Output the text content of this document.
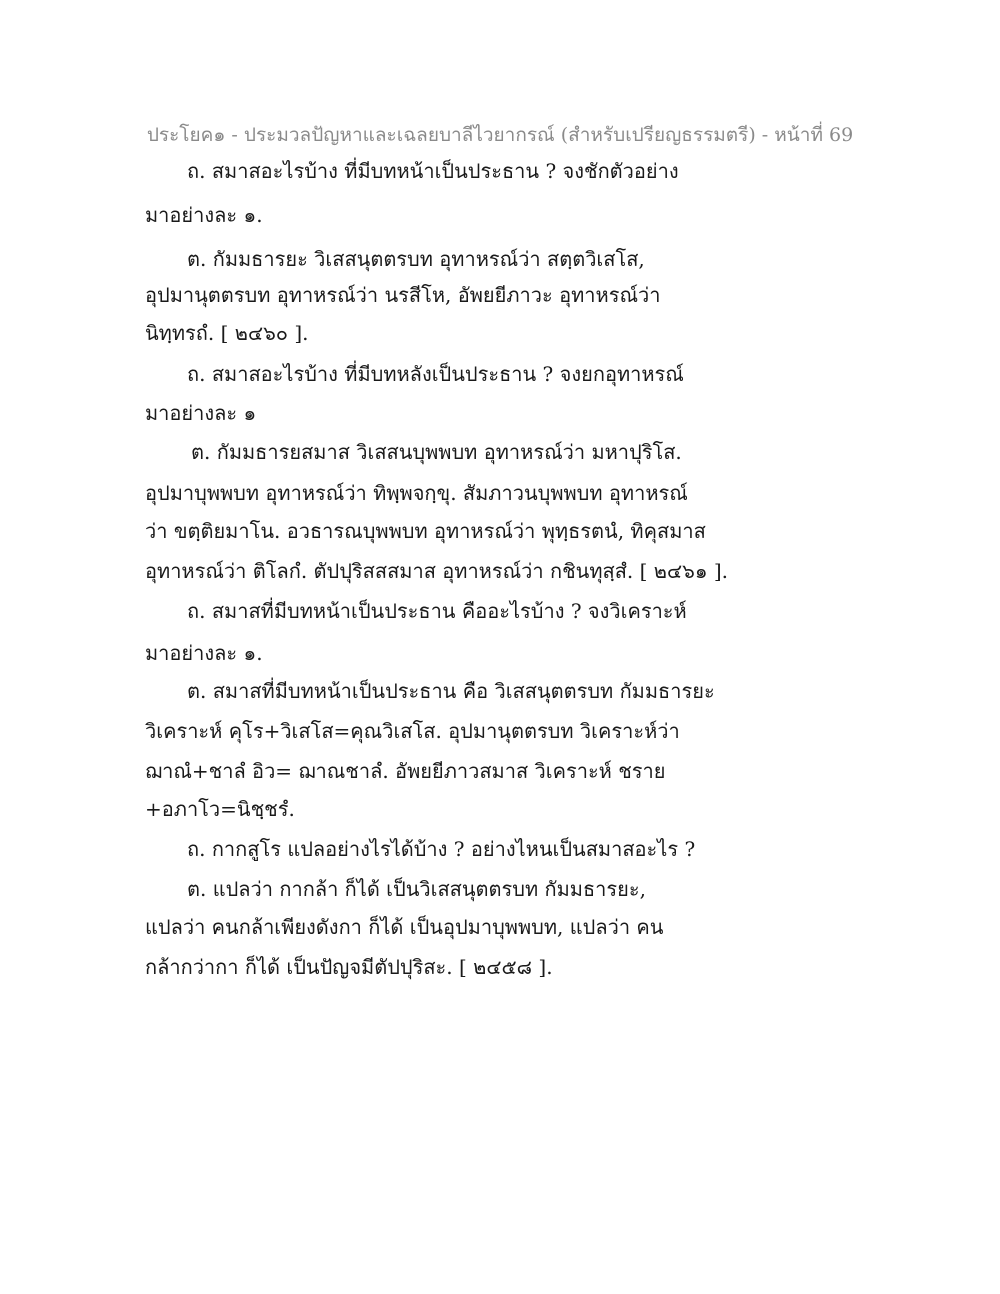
ประโยค๑ - ประมวลปัญหาและเฉลยบาลีไวยากรณ์ (สำหรับเปรียญธรรมตรี) - หน้าที่ 69
ถ. สมาสอะไรบ้าง ที่มีบทหน้าเป็นประธาน ? จงชักตัวอย่าง
มาอย่างละ ๑.
ต. กัมมธารยะ วิเสสนุตตรบท อุทาหรณ์ว่า สตฺตวิเสโส,
อุปมานุตตรบท อุทาหรณ์ว่า นรสีโห, อัพยยีภาวะ อุทาหรณ์ว่า
นิทฺทรถํ. [ ๒๔๖๐ ].
ถ. สมาสอะไรบ้าง ที่มีบทหลังเป็นประธาน ? จงยกอุทาหรณ์
มาอย่างละ ๑
ต. กัมมธารยสมาส วิเสสนบุพพบท อุทาหรณ์ว่า มหาปุริโส.
อุปมาบุพพบท อุทาหรณ์ว่า ทิพฺพจกฺขุ. สัมภาวนบุพพบท อุทาหรณ์
ว่า ขตฺติยมาโน. อวธารณบุพพบท อุทาหรณ์ว่า พุทฺธรตนํ, ทิคุสมาส
อุทาหรณ์ว่า ติโลกํ. ตัปปุริสสสมาส อุทาหรณ์ว่า กชินทุสฺสํ. [ ๒๔๖๑ ].
ถ. สมาสที่มีบทหน้าเป็นประธาน คืออะไรบ้าง ? จงวิเคราะห์
มาอย่างละ ๑.
ต. สมาสที่มีบทหน้าเป็นประธาน คือ วิเสสนุตตรบท กัมมธารยะ
วิเคราะห์ คุโร+วิเสโส=คุณวิเสโส. อุปมานุตตรบท วิเคราะห์ว่า
ฌาณํ+ชาลํ อิว= ฌาณชาลํ. อัพยยีภาวสมาส วิเคราะห์ ชราย
+อภาโว=นิชฺชรํ.
ถ. กากสูโร แปลอย่างไรได้บ้าง ? อย่างไหนเป็นสมาสอะไร ?
ต. แปลว่า กากล้า ก็ได้ เป็นวิเสสนุตตรบท กัมมธารยะ,
แปลว่า คนกล้าเพียงดังกา ก็ได้ เป็นอุปมาบุพพบท, แปลว่า คน
กล้ากว่ากา ก็ได้ เป็นปัญจมีตัปปุริสะ. [ ๒๔๕๘ ].
